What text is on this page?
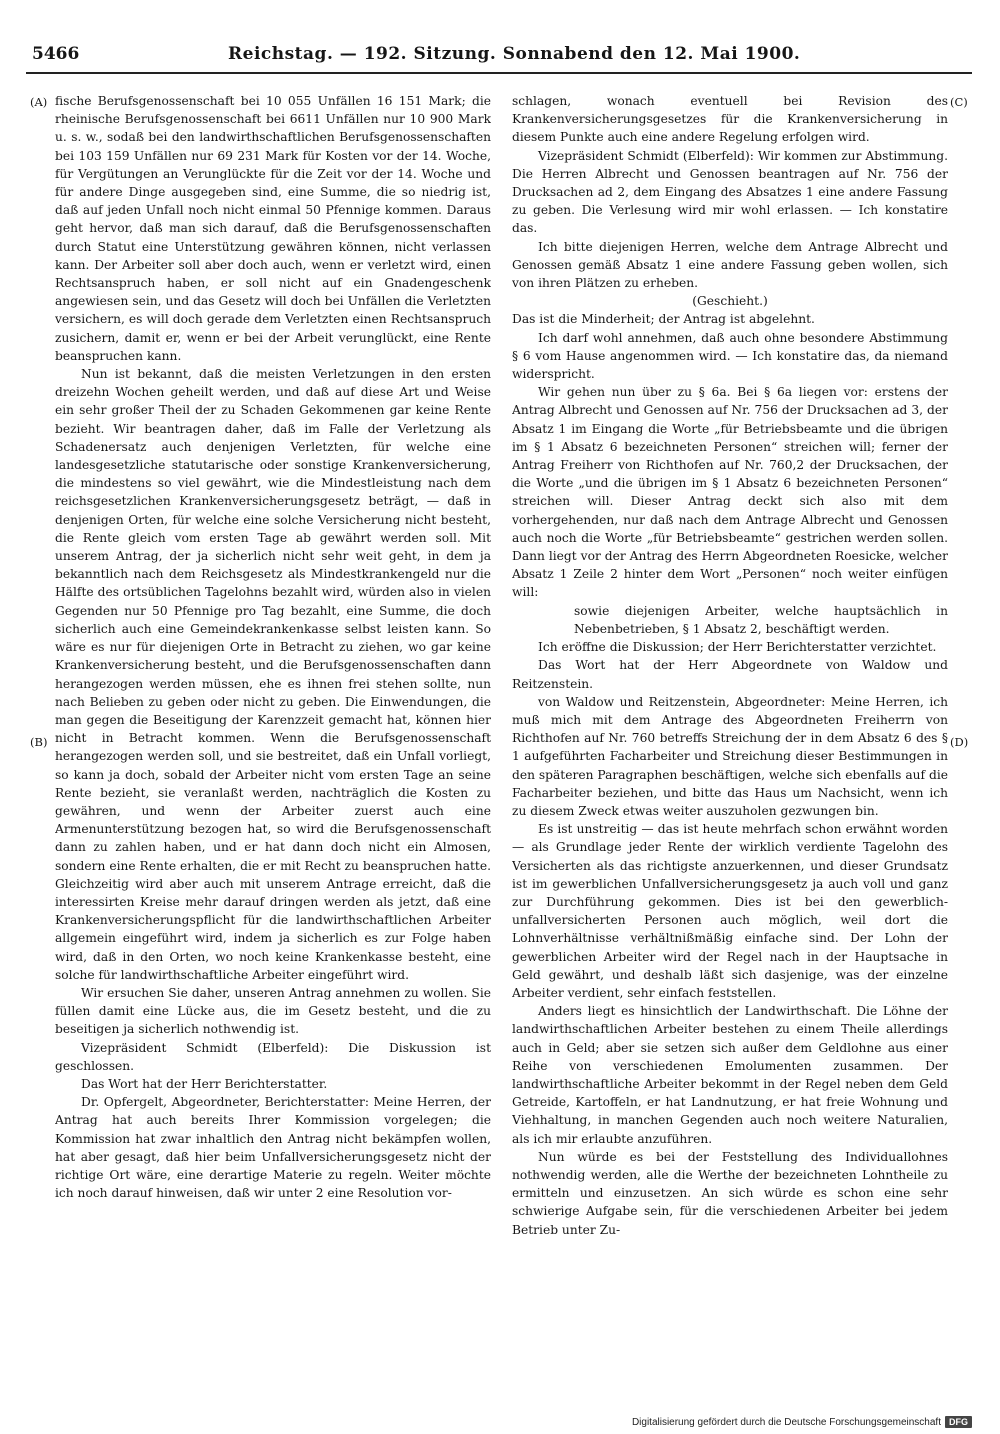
5466	Reichstag. — 192. Sitzung. Sonnabend den 12. Mai 1900.
(A)
(B)
(C)
(D)

fische Berufsgenossenschaft bei 10 055 Unfällen 16 151 Mark; die rheinische Berufsgenossenschaft bei 6611 Unfällen nur 10 900 Mark u. s. w., sodaß bei den landwirthschaftlichen Berufsgenossenschaften bei 103 159 Unfällen nur 69 231 Mark für Kosten vor der 14. Woche, für Vergütungen an Verunglückte für die Zeit vor der 14. Woche und für andere Dinge ausgegeben sind, eine Summe, die so niedrig ist, daß auf jeden Unfall noch nicht einmal 50 Pfennige kommen. Daraus geht hervor, daß man sich darauf, daß die Berufsgenossenschaften durch Statut eine Unterstützung gewähren können, nicht verlassen kann. Der Arbeiter soll aber doch auch, wenn er verletzt wird, einen Rechtsanspruch haben, er soll nicht auf ein Gnadengeschenk angewiesen sein, und das Gesetz will doch bei Unfällen die Verletzten versichern, es will doch gerade dem Verletzten einen Rechtsanspruch zusichern, damit er, wenn er bei der Arbeit verunglückt, eine Rente beanspruchen kann.

Nun ist bekannt, daß die meisten Verletzungen in den ersten dreizehn Wochen geheilt werden, und daß auf diese Art und Weise ein sehr großer Theil der zu Schaden Gekommenen gar keine Rente bezieht. Wir beantragen daher, daß im Falle der Verletzung als Schadenersatz auch denjenigen Verletzten, für welche eine landesgesetzliche statutarische oder sonstige Krankenversicherung, die mindestens so viel gewährt, wie die Mindestleistung nach dem reichsgesetzlichen Krankenversicherungsgesetz beträgt, — daß in denjenigen Orten, für welche eine solche Versicherung nicht besteht, die Rente gleich vom ersten Tage ab gewährt werden soll. Mit unserem Antrag, der ja sicherlich nicht sehr weit geht, in dem ja bekanntlich nach dem Reichsgesetz als Mindestkrankengeld nur die Hälfte des ortsüblichen Tagelohns bezahlt wird, würden also in vielen Gegenden nur 50 Pfennige pro Tag bezahlt, eine Summe, die doch sicherlich auch eine Gemeindekrankenkasse selbst leisten kann. So wäre es nur für diejenigen Orte in Betracht zu ziehen, wo gar keine Krankenversicherung besteht, und die Berufsgenossenschaften dann herangezogen werden müssen, ehe es ihnen frei stehen sollte, nun nach Belieben zu geben oder nicht zu geben. Die Einwendungen, die man gegen die Beseitigung der Karenzzeit gemacht hat, können hier nicht in Betracht kommen. Wenn die Berufsgenossenschaft herangezogen werden soll, und sie bestreitet, daß ein Unfall vorliegt, so kann ja doch, sobald der Arbeiter nicht vom ersten Tage an seine Rente bezieht, sie veranlaßt werden, nachträglich die Kosten zu gewähren, und wenn der Arbeiter zuerst auch eine Armenunterstützung bezogen hat, so wird die Berufsgenossenschaft dann zu zahlen haben, und er hat dann doch nicht ein Almosen, sondern eine Rente erhalten, die er mit Recht zu beanspruchen hatte. Gleichzeitig wird aber auch mit unserem Antrage erreicht, daß die interessirten Kreise mehr darauf dringen werden als jetzt, daß eine Krankenversicherungspflicht für die landwirthschaftlichen Arbeiter allgemein eingeführt wird, indem ja sicherlich es zur Folge haben wird, daß in den Orten, wo noch keine Krankenkasse besteht, eine solche für landwirthschaftliche Arbeiter eingeführt wird.

Wir ersuchen Sie daher, unseren Antrag annehmen zu wollen. Sie füllen damit eine Lücke aus, die im Gesetz besteht, und die zu beseitigen ja sicherlich nothwendig ist.

Vizepräsident Schmidt (Elberfeld): Die Diskussion ist geschlossen.

Das Wort hat der Herr Berichterstatter.

Dr. Opfergelt, Abgeordneter, Berichterstatter: Meine Herren, der Antrag hat auch bereits Ihrer Kommission vorgelegen; die Kommission hat zwar inhaltlich den Antrag nicht bekämpfen wollen, hat aber gesagt, daß hier beim Unfallversicherungsgesetz nicht der richtige Ort wäre, eine derartige Materie zu regeln. Weiter möchte ich noch darauf hinweisen, daß wir unter 2 eine Resolution vor-

schlagen, wonach eventuell bei Revision des Krankenversicherungsgesetzes für die Krankenversicherung in diesem Punkte auch eine andere Regelung erfolgen wird.

Vizepräsident Schmidt (Elberfeld): Wir kommen zur Abstimmung. Die Herren Albrecht und Genossen beantragen auf Nr. 756 der Drucksachen ad 2, dem Eingang des Absatzes 1 eine andere Fassung zu geben. Die Verlesung wird mir wohl erlassen. — Ich konstatire das.

Ich bitte diejenigen Herren, welche dem Antrage Albrecht und Genossen gemäß Absatz 1 eine andere Fassung geben wollen, sich von ihren Plätzen zu erheben.

(Geschieht.)

Das ist die Minderheit; der Antrag ist abgelehnt.

Ich darf wohl annehmen, daß auch ohne besondere Abstimmung § 6 vom Hause angenommen wird. — Ich konstatire das, da niemand widerspricht.

Wir gehen nun über zu § 6a. Bei § 6a liegen vor: erstens der Antrag Albrecht und Genossen auf Nr. 756 der Drucksachen ad 3, der Absatz 1 im Eingang die Worte „für Betriebsbeamte und die übrigen im § 1 Absatz 6 bezeichneten Personen“ streichen will; ferner der Antrag Freiherr von Richthofen auf Nr. 760,2 der Drucksachen, der die Worte „und die übrigen im § 1 Absatz 6 bezeichneten Personen“ streichen will. Dieser Antrag deckt sich also mit dem vorhergehenden, nur daß nach dem Antrage Albrecht und Genossen auch noch die Worte „für Betriebsbeamte“ gestrichen werden sollen. Dann liegt vor der Antrag des Herrn Abgeordneten Roesicke, welcher Absatz 1 Zeile 2 hinter dem Wort „Personen“ noch weiter einfügen will:

sowie diejenigen Arbeiter, welche hauptsächlich in Nebenbetrieben, § 1 Absatz 2, beschäftigt werden.

Ich eröffne die Diskussion; der Herr Berichterstatter verzichtet.

Das Wort hat der Herr Abgeordnete von Waldow und Reitzenstein.

von Waldow und Reitzenstein, Abgeordneter: Meine Herren, ich muß mich mit dem Antrage des Abgeordneten Freiherrn von Richthofen auf Nr. 760 betreffs Streichung der in dem Absatz 6 des § 1 aufgeführten Facharbeiter und Streichung dieser Bestimmungen in den späteren Paragraphen beschäftigen, welche sich ebenfalls auf die Facharbeiter beziehen, und bitte das Haus um Nachsicht, wenn ich zu diesem Zweck etwas weiter auszuholen gezwungen bin.

Es ist unstreitig — das ist heute mehrfach schon erwähnt worden — als Grundlage jeder Rente der wirklich verdiente Tagelohn des Versicherten als das richtigste anzuerkennen, und dieser Grundsatz ist im gewerblichen Unfallversicherungsgesetz ja auch voll und ganz zur Durchführung gekommen. Dies ist bei den gewerblich-unfallversicherten Personen auch möglich, weil dort die Lohnverhältnisse verhältnißmäßig einfache sind. Der Lohn der gewerblichen Arbeiter wird der Regel nach in der Hauptsache in Geld gewährt, und deshalb läßt sich dasjenige, was der einzelne Arbeiter verdient, sehr einfach feststellen.

Anders liegt es hinsichtlich der Landwirthschaft. Die Löhne der landwirthschaftlichen Arbeiter bestehen zu einem Theile allerdings auch in Geld; aber sie setzen sich außer dem Geldlohne aus einer Reihe von verschiedenen Emolumenten zusammen. Der landwirthschaftliche Arbeiter bekommt in der Regel neben dem Geld Getreide, Kartoffeln, er hat Landnutzung, er hat freie Wohnung und Viehhaltung, in manchen Gegenden auch noch weitere Naturalien, als ich mir erlaubte anzuführen.

Nun würde es bei der Feststellung des Individuallohnes nothwendig werden, alle die Werthe der bezeichneten Lohntheile zu ermitteln und einzusetzen. An sich würde es schon eine sehr schwierige Aufgabe sein, für die verschiedenen Arbeiter bei jedem Betrieb unter Zu-

Digitalisierung gefördert durch die Deutsche Forschungsgemeinschaft DFG
